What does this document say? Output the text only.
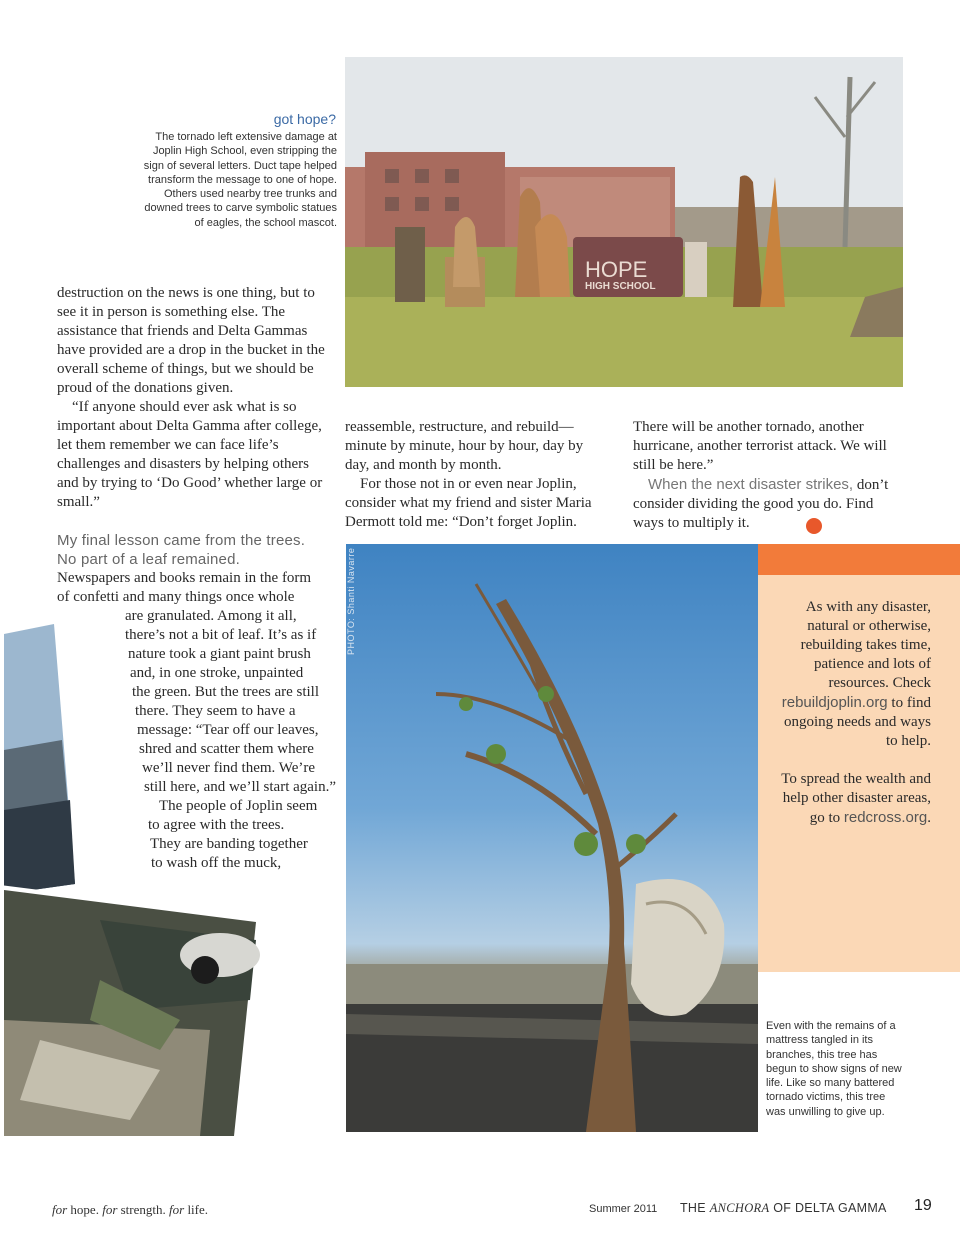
got hope?
The tornado left extensive damage at Joplin High School, even stripping the sign of several letters. Duct tape helped transform the message to one of hope. Others used nearby tree trunks and downed trees to carve symbolic statues of eagles, the school mascot.
HOPE
HIGH SCHOOL

destruction on the news is one thing, but to see it in person is something else. The assistance that friends and Delta Gammas have provided are a drop in the bucket in the overall scheme of things, but we should be proud of the donations given.

“If anyone should ever ask what is so important about Delta Gamma after college, let them remember we can face life’s challenges and disasters by helping others and by trying to ‘Do Good’ whether large or small.”

My final lesson came from the trees. No part of a leaf remained.

Newspapers and books remain in the form
of confetti and many things once whole
are granulated. Among it all,
there’s not a bit of leaf. It’s as if
nature took a giant paint brush
and, in one stroke, unpainted
the green. But the trees are still
there. They seem to have a
message: “Tear off our leaves,
shred and scatter them where
we’ll never find them. We’re
still here, and we’ll start again.”
The people of Joplin seem
to agree with the trees.
They are banding together
to wash off the muck,

reassemble, restructure, and rebuild—minute by minute, hour by hour, day by day, and month by month.

For those not in or even near Joplin, consider what my friend and sister Maria Dermott told me: “Don’t forget Joplin.

There will be another tornado, another hurricane, another terrorist attack. We will still be here.”

When the next disaster strikes, don’t consider dividing the good you do. Find ways to multiply it.

PHOTO: Shanti Navarre	As with any disaster, natural or otherwise, rebuilding takes time, patience and lots of resources. Check rebuildjoplin.org to find ongoing needs and ways to help.

To spread the wealth and help other disaster areas, go to redcross.org.

Even with the remains of a mattress tangled in its branches, this tree has begun to show signs of new life. Like so many battered tornado victims, this tree was unwilling to give up.
for hope. for strength. for life.	Summer 2011 THE ANCHORA OF DELTA GAMMA 19
